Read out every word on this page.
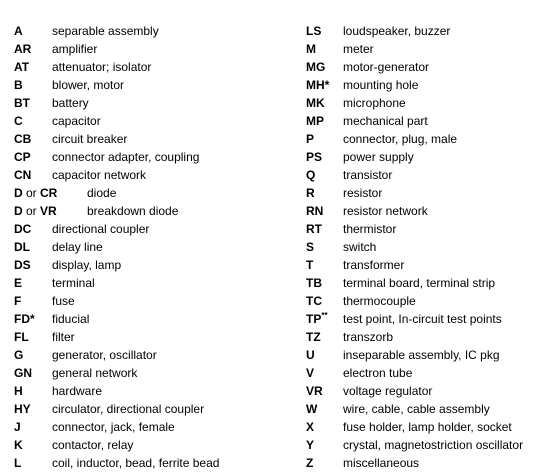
A separable assembly
AR amplifier
AT attenuator; isolator
B blower, motor
BT battery
C capacitor
CB circuit breaker
CP connector adapter, coupling
CN capacitor network
D or CR diode
D or VR	breakdown diode
DC directional coupler
DL delay line
DS display, lamp
E terminal
F	fuse
FD* fiducial
FL filter
G generator, oscillator
GN general network
H hardware
HY circulator, directional coupler
J	connector, jack, female
K contactor, relay
L	coil, inductor, bead, ferrite bead
LS loudspeaker, buzzer
M meter
MG motor-generator
MH* mounting hole
MK microphone
MP mechanical part
P connector, plug, male
PS power supply
Q transistor
R resistor
RN resistor network
RT thermistor
S switch
T transformer
TB terminal board, terminal strip
TC thermocouple
TP** test point, In-circuit test points
TZ transzorb
U inseparable assembly, IC pkg
V electron tube
VR voltage regulator
W wire, cable, cable assembly
X fuse holder, lamp holder, socket
Y crystal, magnetostriction oscillator
Z miscellaneous
